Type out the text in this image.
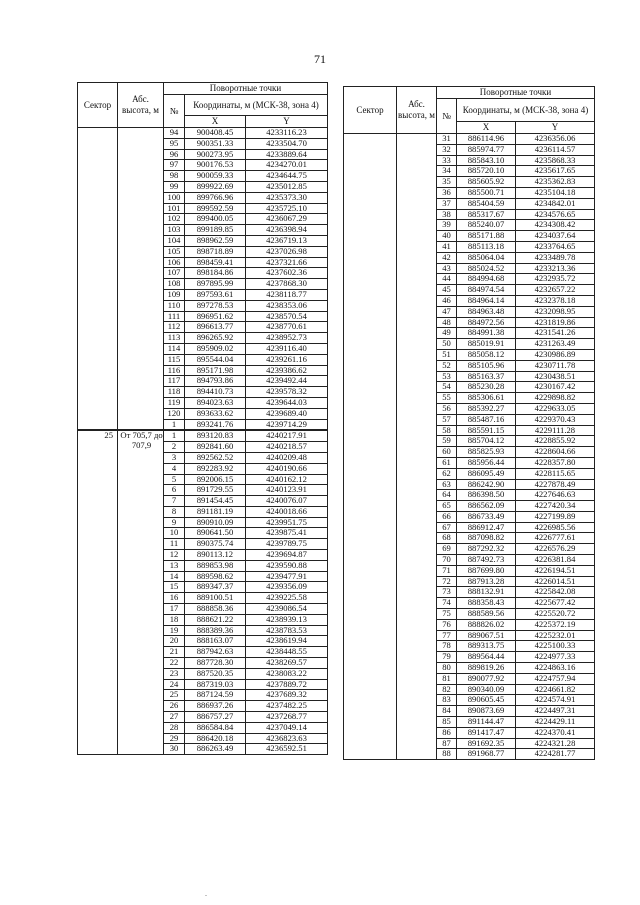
71
Сектор	Абс. высота, м	Поворотные точки		
		№	Координаты, м (МСК-38, зона 4)	
			X	Y
		94	900408.45	4233116.23
		95	900351.33	4233504.70
		96	900273.95	4233889.64
		97	900176.53	4234270.01
		98	900059.33	4234644.75
		99	899922.69	4235012.85
		100	899766.96	4235373.30
		101	899592.59	4235725.10
		102	899400.05	4236067.29
		103	899189.85	4236398.94
		104	898962.59	4236719.13
		105	898718.89	4237026.98
		106	898459.41	4237321.66
		107	898184.86	4237602.36
		108	897895.99	4237868.30
		109	897593.61	4238118.77
		110	897278.53	4238353.06
		111	896951.62	4238570.54
		112	896613.77	4238770.61
		113	896265.92	4238952.73
		114	895909.02	4239116.40
		115	895544.04	4239261.16
		116	895171.98	4239386.62
		117	894793.86	4239492.44
		118	894410.73	4239578.32
		119	894023.63	4239644.03
		120	893633.62	4239689.40
		1	893241.76	4239714.29
25	От 705,7 до 707,9	1	893120.83	4240217.91
		2	892841.60	4240218.57
		3	892562.52	4240209.48
		4	892283.92	4240190.66
		5	892006.15	4240162.12
		6	891729.55	4240123.91
		7	891454.45	4240076.07
		8	891181.19	4240018.66
		9	890910.09	4239951.75
		10	890641.50	4239875.41
		11	890375.74	4239789.75
		12	890113.12	4239694.87
		13	889853.98	4239590.88
		14	889598.62	4239477.91
		15	889347.37	4239356.09
		16	889100.51	4239225.58
		17	888858.36	4239086.54
		18	888621.22	4238939.13
		19	888389.36	4238783.53
		20	888163.07	4238619.94
		21	887942.63	4238448.55
		22	887728.30	4238269.57
		23	887520.35	4238083.22
		24	887319.03	4237889.72
		25	887124.59	4237689.32
		26	886937.26	4237482.25
		27	886757.27	4237268.77
		28	886584.84	4237049.14
		29	886420.18	4236823.63
		30	886263.49	4236592.51
Сектор	Абс. высота, м	Поворотные точки		
		№	Координаты, м (МСК-38, зона 4)	
			X	Y
		31	886114.96	4236356.06
		32	885974.77	4236114.57
		33	885843.10	4235868.33
		34	885720.10	4235617.65
		35	885605.92	4235362.83
		36	885500.71	4235104.18
		37	885404.59	4234842.01
		38	885317.67	4234576.65
		39	885240.07	4234308.42
		40	885171.88	4234037.64
		41	885113.18	4233764.65
		42	885064.04	4233489.78
		43	885024.52	4233213.36
		44	884994.68	4232935.72
		45	884974.54	4232657.22
		46	884964.14	4232378.18
		47	884963.48	4232098.95
		48	884972.56	4231819.86
		49	884991.38	4231541.26
		50	885019.91	4231263.49
		51	885058.12	4230986.89
		52	885105.96	4230711.78
		53	885163.37	4230438.51
		54	885230.28	4230167.42
		55	885306.61	4229898.82
		56	885392.27	4229633.05
		57	885487.16	4229370.43
		58	885591.15	4229111.28
		59	885704.12	4228855.92
		60	885825.93	4228604.66
		61	885956.44	4228357.80
		62	886095.49	4228115.65
		63	886242.90	4227878.49
		64	886398.50	4227646.63
		65	886562.09	4227420.34
		66	886733.49	4227199.89
		67	886912.47	4226985.56
		68	887098.82	4226777.61
		69	887292.32	4226576.29
		70	887492.73	4226381.84
		71	887699.80	4226194.51
		72	887913.28	4226014.51
		73	888132.91	4225842.08
		74	888358.43	4225677.42
		75	888589.56	4225520.72
		76	888826.02	4225372.19
		77	889067.51	4225232.01
		78	889313.75	4225100.33
		79	889564.44	4224977.33
		80	889819.26	4224863.16
		81	890077.92	4224757.94
		82	890340.09	4224661.82
		83	890605.45	4224574.91
		84	890873.69	4224497.31
		85	891144.47	4224429.11
		86	891417.47	4224370.41
		87	891692.35	4224321.28
		88	891968.77	4224281.77
.
